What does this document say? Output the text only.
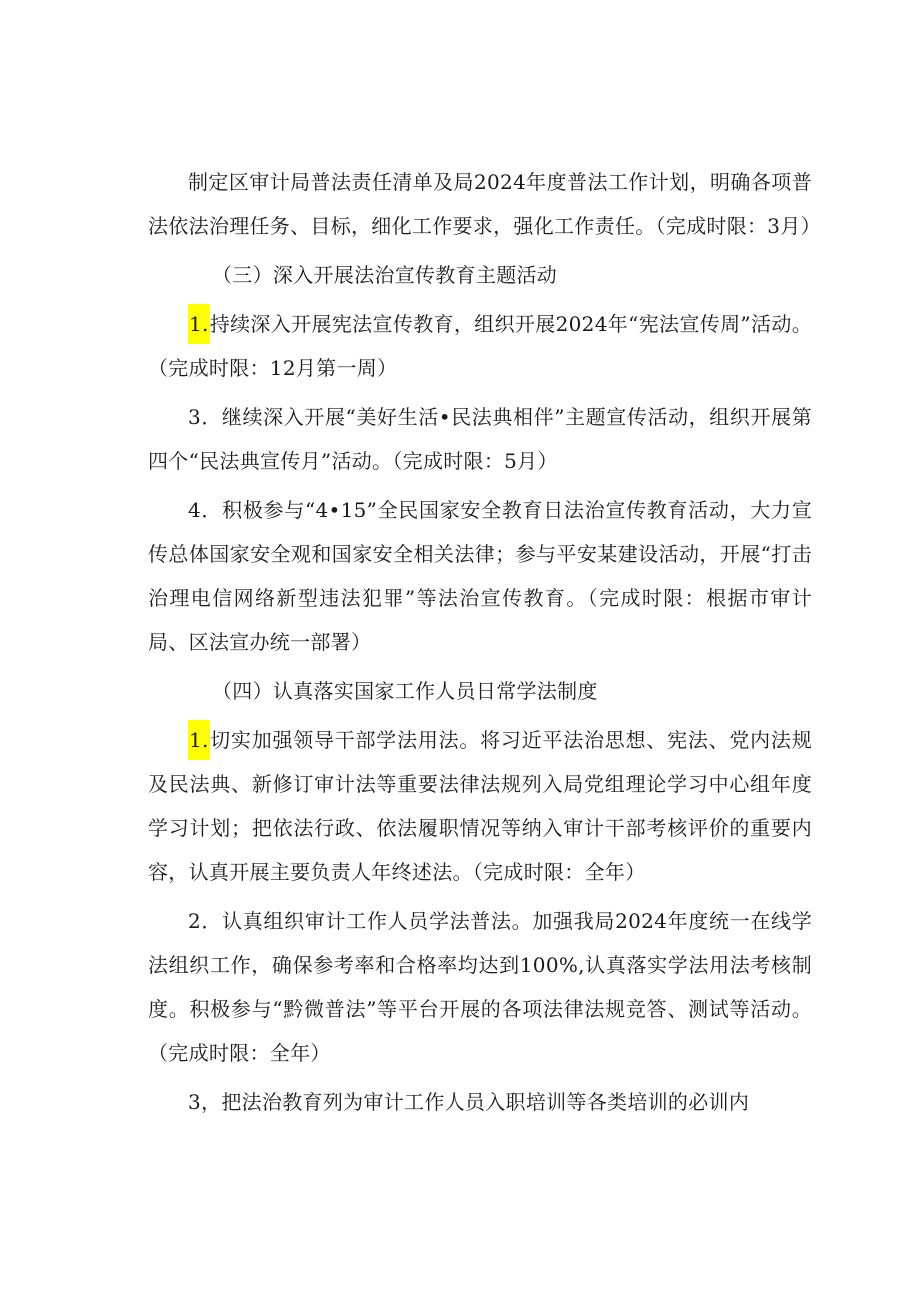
制定区审计局普法责任清单及局2024年度普法工作计划，明确各项普法依法治理任务、目标，细化工作要求，强化工作责任。（完成时限：3月）

（三）深入开展法治宣传教育主题活动

1.持续深入开展宪法宣传教育，组织开展2024年“宪法宣传周”活动。（完成时限：12月第一周）

3．继续深入开展“美好生活•民法典相伴”主题宣传活动，组织开展第四个“民法典宣传月”活动。（完成时限：5月）

4．积极参与“4•15”全民国家安全教育日法治宣传教育活动，大力宣传总体国家安全观和国家安全相关法律；参与平安某建设活动，开展“打击治理电信网络新型违法犯罪”等法治宣传教育。（完成时限：根据市审计局、区法宣办统一部署）

（四）认真落实国家工作人员日常学法制度

1.切实加强领导干部学法用法。将习近平法治思想、宪法、党内法规及民法典、新修订审计法等重要法律法规列入局党组理论学习中心组年度学习计划；把依法行政、依法履职情况等纳入审计干部考核评价的重要内容，认真开展主要负责人年终述法。（完成时限：全年）

2．认真组织审计工作人员学法普法。加强我局2024年度统一在线学法组织工作，确保参考率和合格率均达到100%,认真落实学法用法考核制度。积极参与“黔微普法”等平台开展的各项法律法规竞答、测试等活动。（完成时限：全年）

3，把法治教育列为审计工作人员入职培训等各类培训的必训内
